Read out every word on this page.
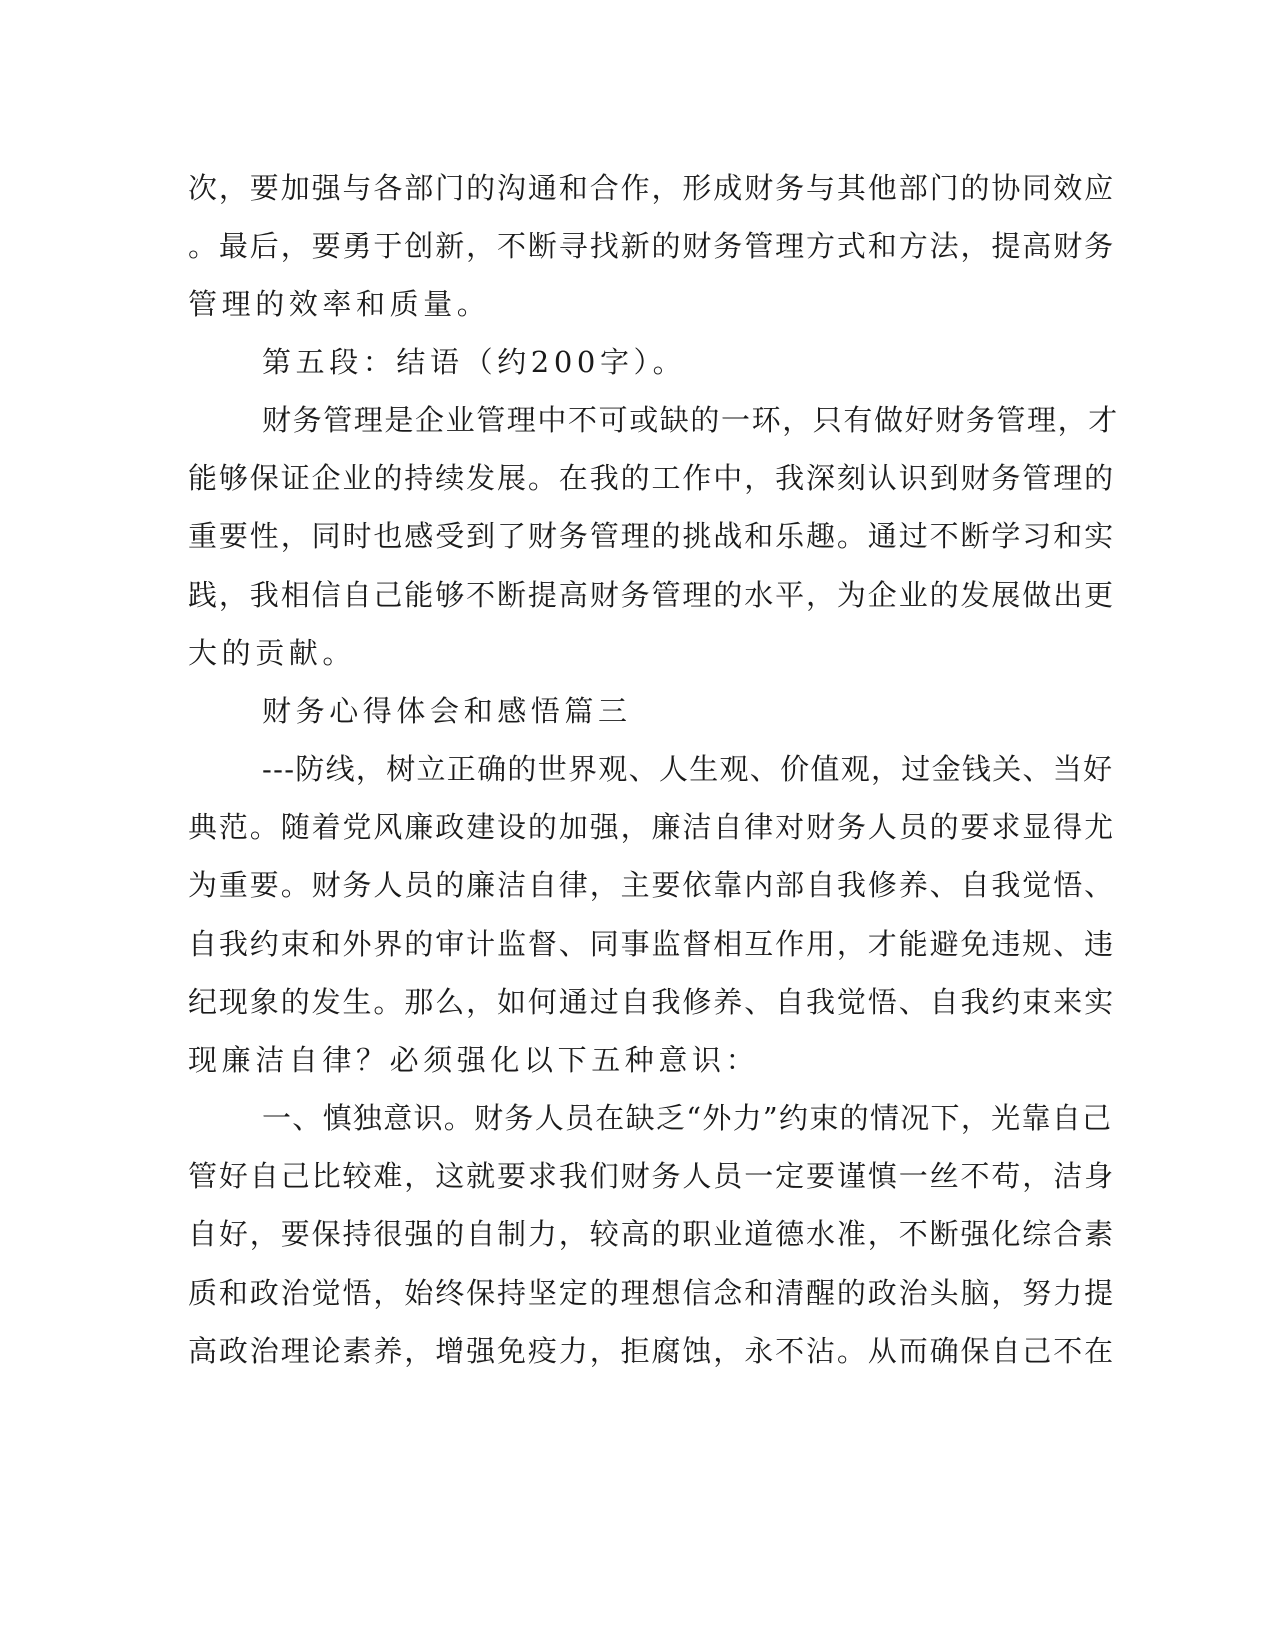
次，要加强与各部门的沟通和合作，形成财务与其他部门的协同效应
。最后，要勇于创新，不断寻找新的财务管理方式和方法，提高财务
管理的效率和质量。
第五段：结语（约200字）。
财务管理是企业管理中不可或缺的一环，只有做好财务管理，才
能够保证企业的持续发展。在我的工作中，我深刻认识到财务管理的
重要性，同时也感受到了财务管理的挑战和乐趣。通过不断学习和实
践，我相信自己能够不断提高财务管理的水平，为企业的发展做出更
大的贡献。
财务心得体会和感悟篇三
---防线，树立正确的世界观、人生观、价值观，过金钱关、当好
典范。随着党风廉政建设的加强，廉洁自律对财务人员的要求显得尤
为重要。财务人员的廉洁自律，主要依靠内部自我修养、自我觉悟、
自我约束和外界的审计监督、同事监督相互作用，才能避免违规、违
纪现象的发生。那么，如何通过自我修养、自我觉悟、自我约束来实
现廉洁自律？必须强化以下五种意识：
一、慎独意识。财务人员在缺乏“外力”约束的情况下，光靠自己
管好自己比较难，这就要求我们财务人员一定要谨慎一丝不苟，洁身
自好，要保持很强的自制力，较高的职业道德水准，不断强化综合素
质和政治觉悟，始终保持坚定的理想信念和清醒的政治头脑，努力提
高政治理论素养，增强免疫力，拒腐蚀，永不沾。从而确保自己不在
